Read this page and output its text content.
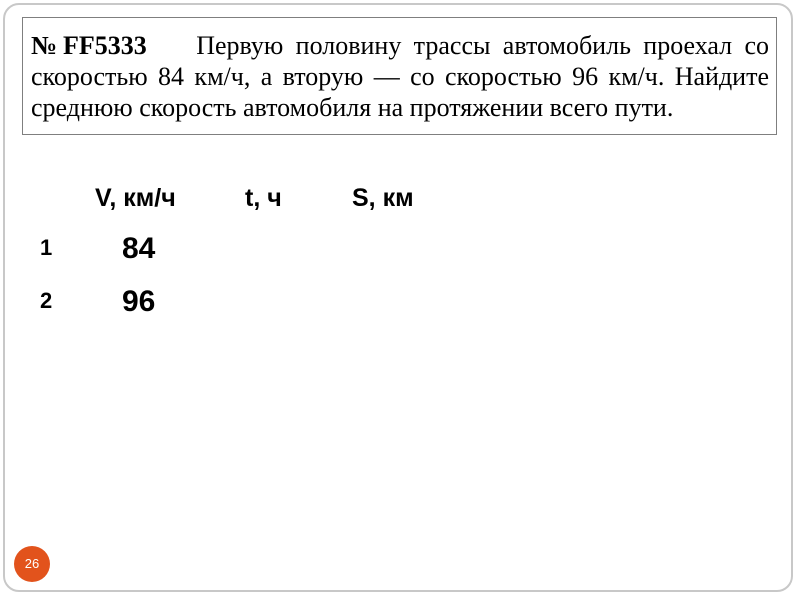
№FF5333 Первую половину трассы автомобиль проехал со скоростью 84 км/ч, а вторую — со скоростью 96 км/ч. Найдите среднюю скорость автомобиля на протяжении всего пути.

V, км/ч	t, ч	S, км
1 84
2 96
26
